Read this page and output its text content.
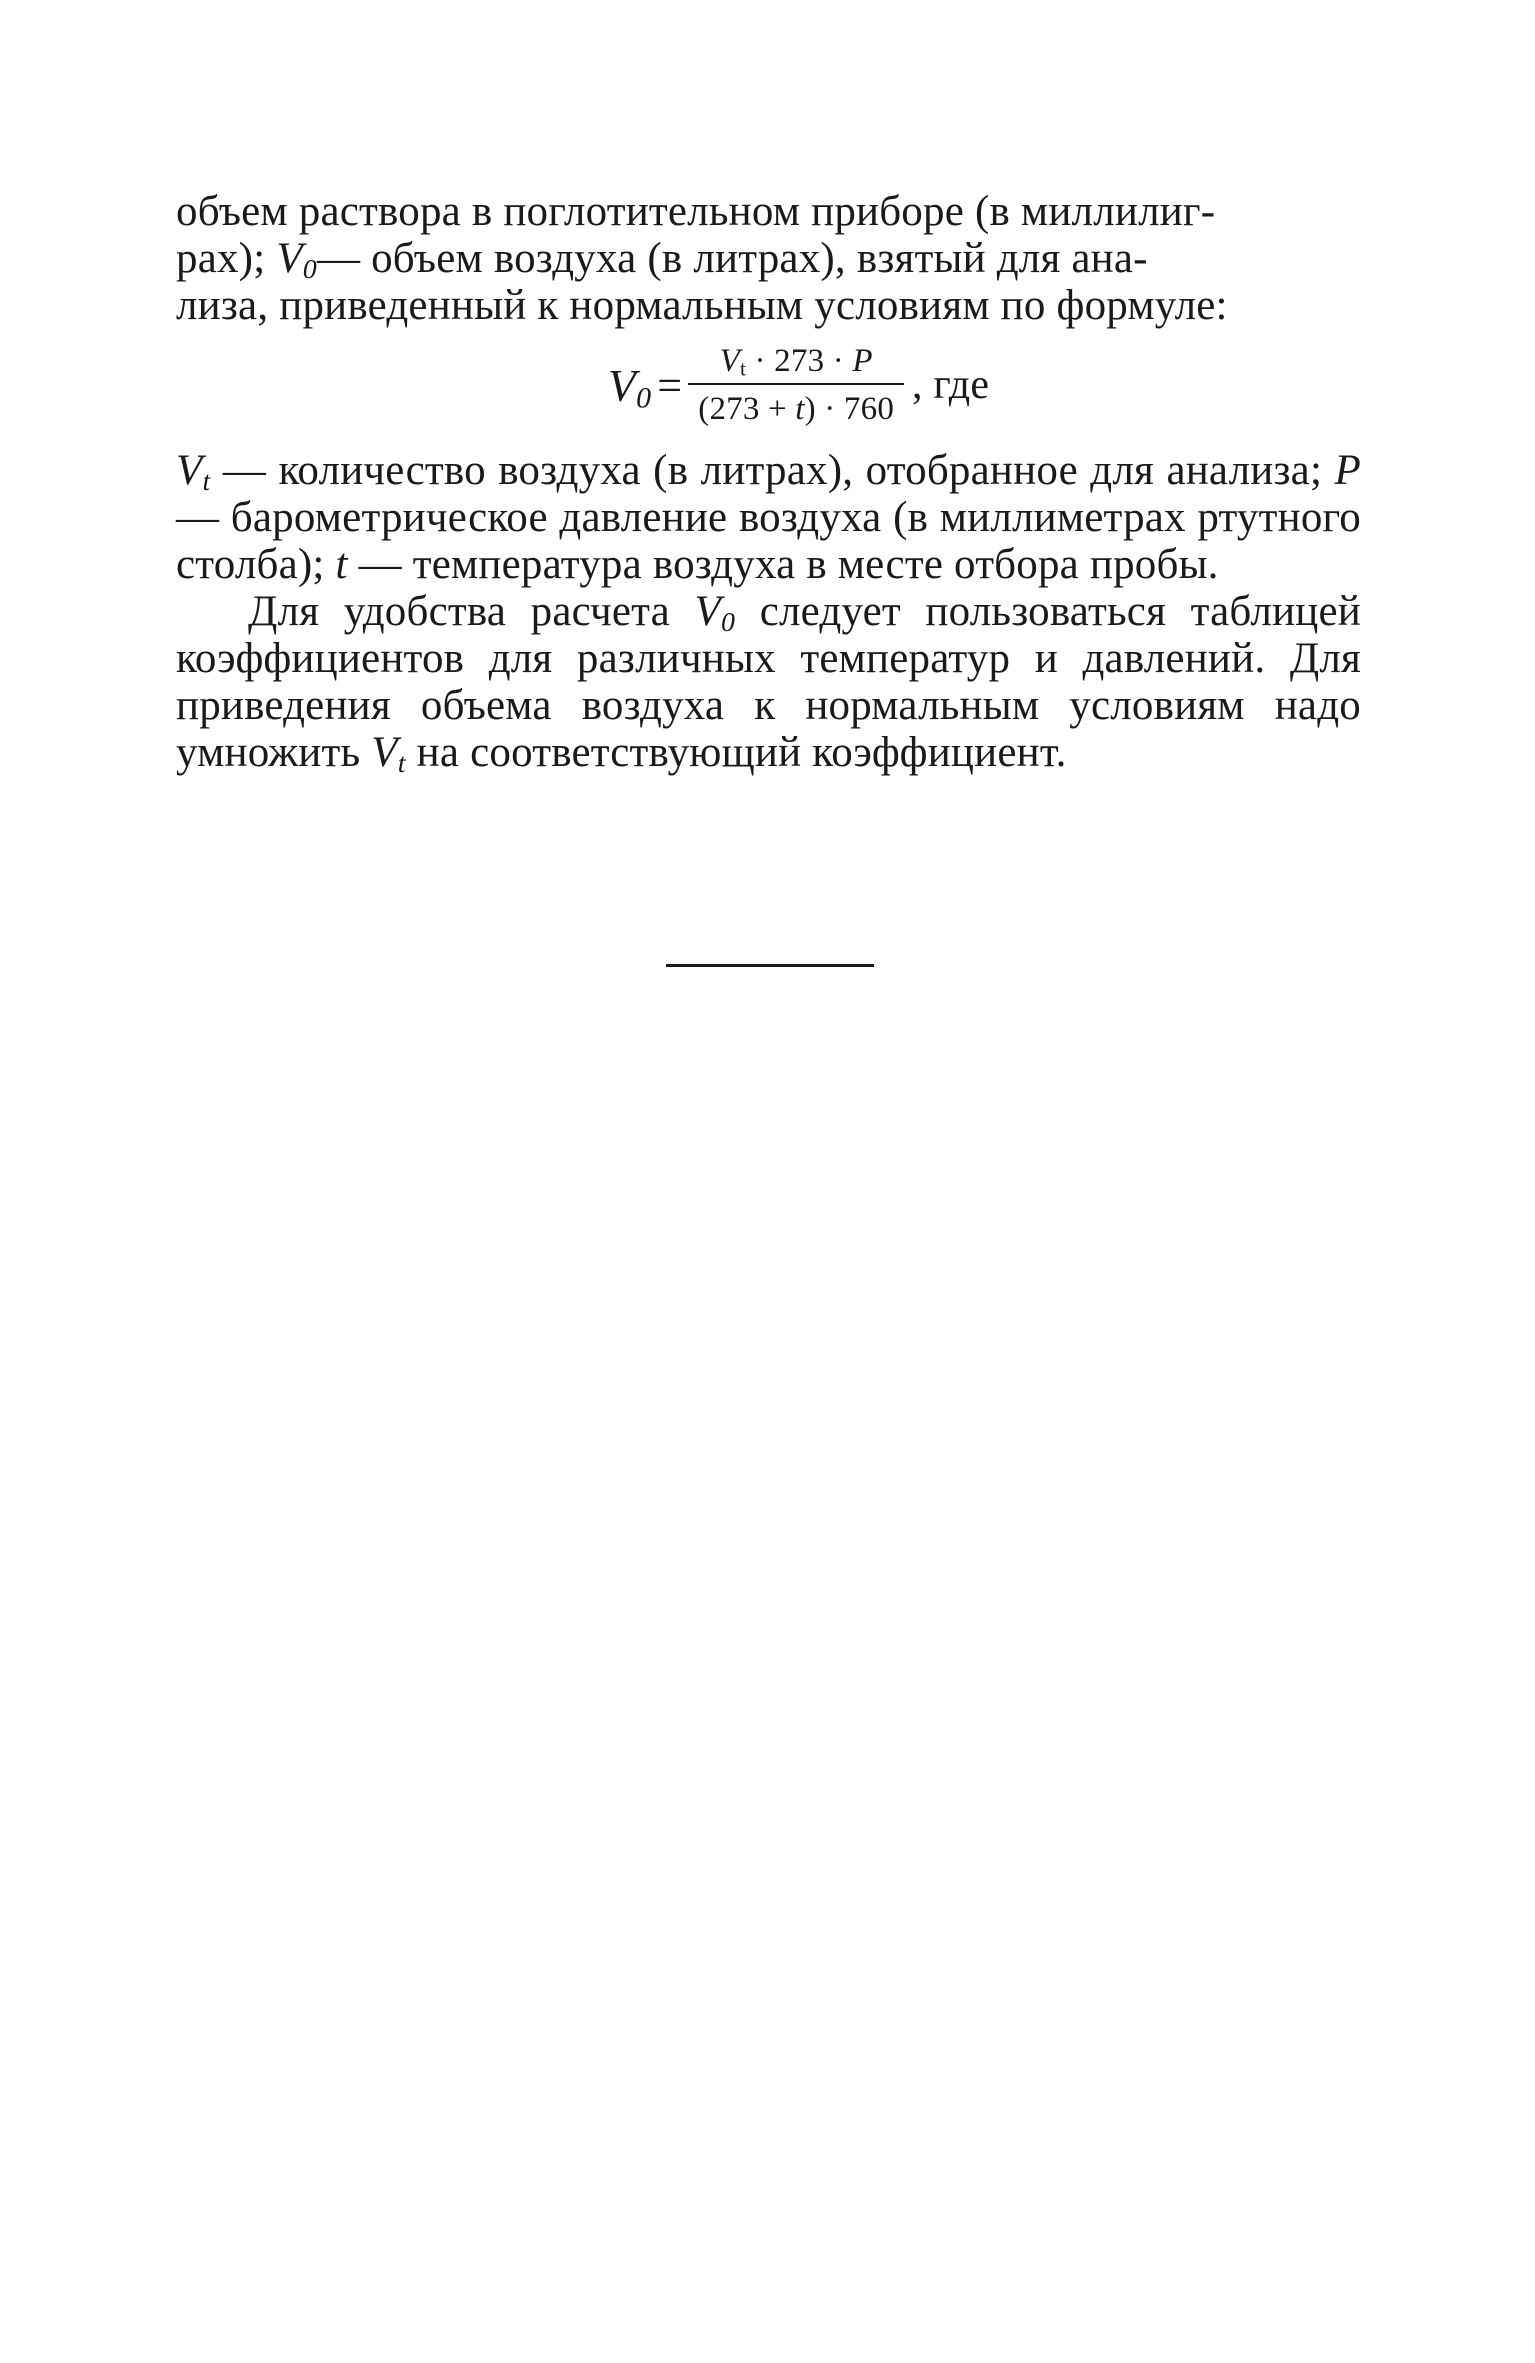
объем раствора в поглотительном приборе (в миллилиг-
рах); $V_0—$ объем воздуха (в литрах), взятый для ана-
лиза, приведенный к нормальным условиям по формуле:

$V_0 = \frac{V_t \cdot 273 \cdot P}{(273 + t) \cdot 760}$ , где

$V_t$ — количество воздуха (в литрах), отобранное для анализа; P — барометрическое давление воздуха (в миллиметрах ртутного столба); t — температура воздуха в месте отбора пробы.

Для удобства расчета $V_0$ следует пользоваться таблицей коэффициентов для различных температур и давлений. Для приведения объема воздуха к нормальным условиям надо умножить $V_t$ на соответствующий коэффициент.
